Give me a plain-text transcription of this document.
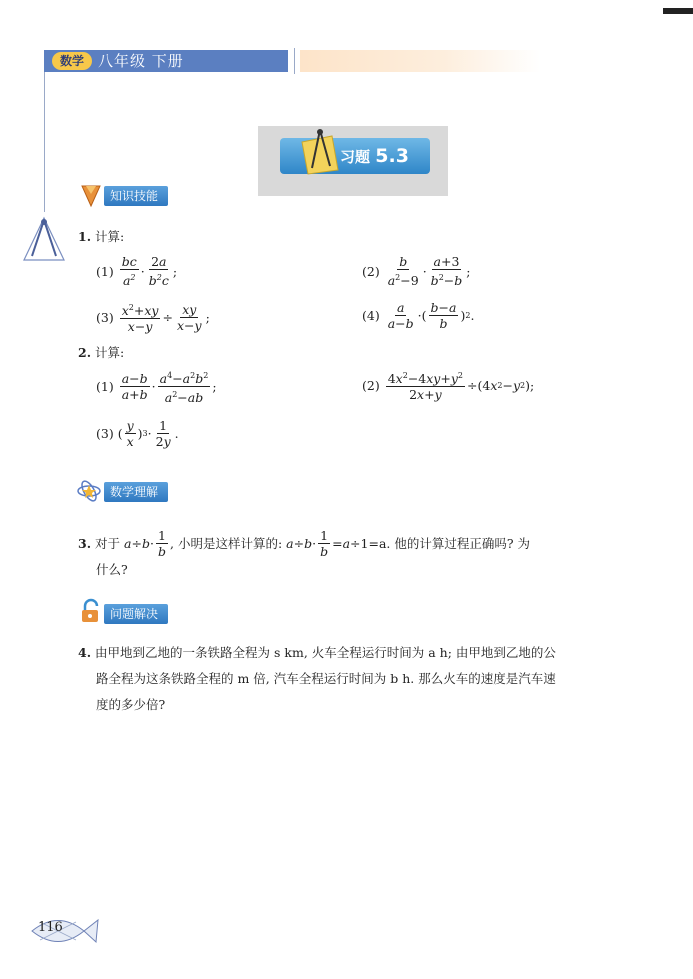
数学 八年级 下册
习题 5.3
知识技能
1. 计算:
(1)
$\frac{bc}{a^2} \cdot \frac{2a}{b^2c}$ ;	(2)
$\frac{b}{a^2-9} \cdot \frac{a+3}{b^2-b}$ ;
(3)
$\frac{x^2+xy}{x-y} \div \frac{xy}{x-y}$ ;	(4)
$\frac{a}{a-b}$ ·( $\frac{b-a}{b}$ ) 2 .
2. 计算:
(1)
$\frac{a-b}{a+b} \cdot \frac{a^4-a^2b^2}{a^2-ab}$ ;	(2)
$\frac{4x^2-4xy+y^2}{2x+y} \div(4$ x 2 − y 2 );
(3) ( $\frac{y}{x}$ ) $3 \cdot \frac{1}{2y}$ .
数学理解
3.
对于
$a \div b \cdot \frac{1}{b}$ , 小明是这样计算的:
$a \div b \cdot \frac{1}{b} = a \div 1 =a$. 他的计算过程正确吗? 为
什么?
问题解决
4. 由甲地到乙地的一条铁路全程为 s km, 火车全程运行时间为 a h; 由甲地到乙地的公
路全程为这条铁路全程的 m 倍, 汽车全程运行时间为 b h. 那么火车的速度是汽车速
度的多少倍?
116
